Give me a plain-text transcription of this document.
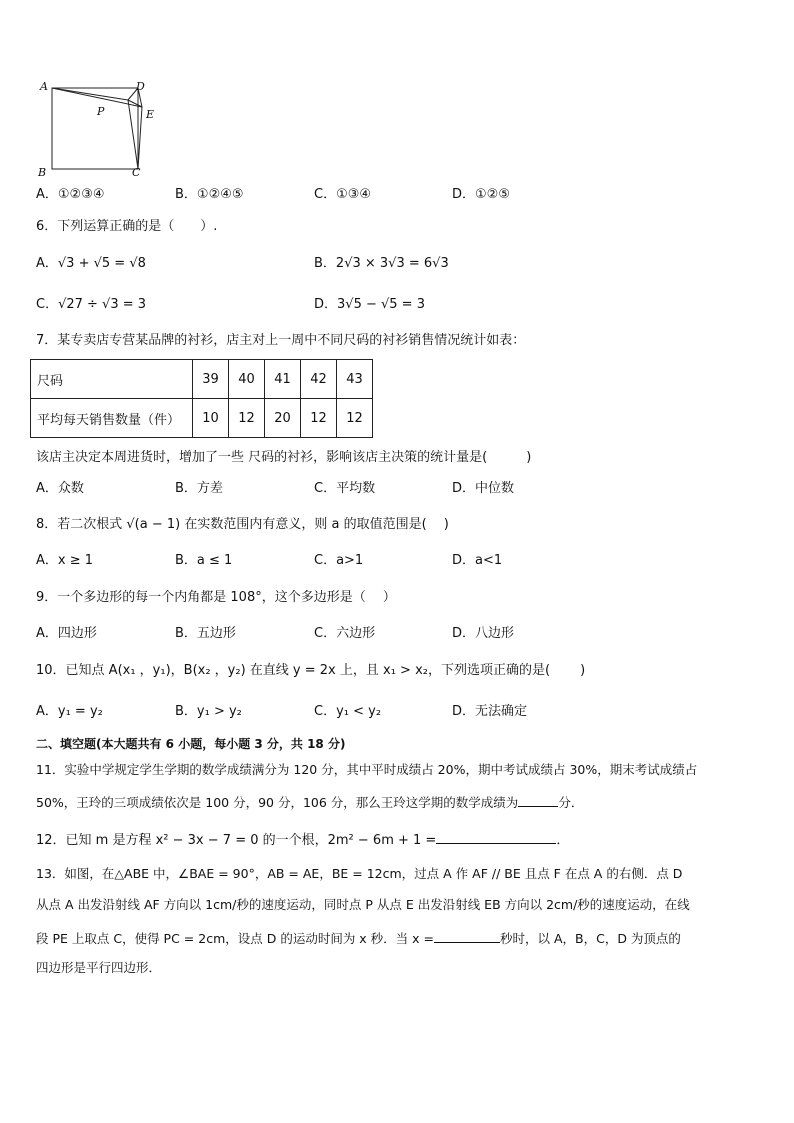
A	D
P	E
B	C
A．①②③④	B．①②④⑤	C．①③④	D．①②⑤
6．下列运算正确的是（　　）.
A．√3 + √5 = √8	B．2√3 × 3√3 = 6√3
C．√27 ÷ √3 = 3	D．3√5 − √5 = 3
7．某专卖店专营某品牌的衬衫，店主对上一周中不同尺码的衬衫销售情况统计如表：
尺码	39	40	41	42	43
平均每天销售数量（件）	10	12	20	12	12
该店主决定本周进货时，增加了一些 尺码的衬衫，影响该店主决策的统计量是(　　　)
A．众数	B．方差	C．平均数	D．中位数
8．若二次根式 √(a − 1) 在实数范围内有意义，则 a 的取值范围是(　 )
A．x ≥ 1	B．a ≤ 1	C．a>1	D．a<1
9．一个多边形的每一个内角都是 108°，这个多边形是（　 ）
A．四边形	B．五边形	C．六边形	D．八边形
10．已知点 A(x₁ ，y₁)，B(x₂ ，y₂) 在直线 y = 2x 上，且 x₁ > x₂，下列选项正确的是(　　 )
A．y₁ = y₂	B．y₁ > y₂	C．y₁ < y₂	D．无法确定
二、填空题(本大题共有 6 小题，每小题 3 分，共 18 分)
11．实验中学规定学生学期的数学成绩满分为 120 分，其中平时成绩占 20%，期中考试成绩占 30%，期末考试成绩占
50%，王玲的三项成绩依次是 100 分，90 分，106 分，那么王玲这学期的数学成绩为	分．
12．已知 m 是方程 x² − 3x − 7 = 0 的一个根，2m² − 6m + 1 =	．
13．如图，在△ABE 中，∠BAE = 90°，AB = AE，BE = 12cm，过点 A 作 AF // BE 且点 F 在点 A 的右侧．点 D
从点 A 出发沿射线 AF 方向以 1cm/秒的速度运动，同时点 P 从点 E 出发沿射线 EB 方向以 2cm/秒的速度运动，在线
段 PE 上取点 C，使得 PC = 2cm，设点 D 的运动时间为 x 秒．当 x =	秒时，以 A，B，C，D 为顶点的
四边形是平行四边形．
